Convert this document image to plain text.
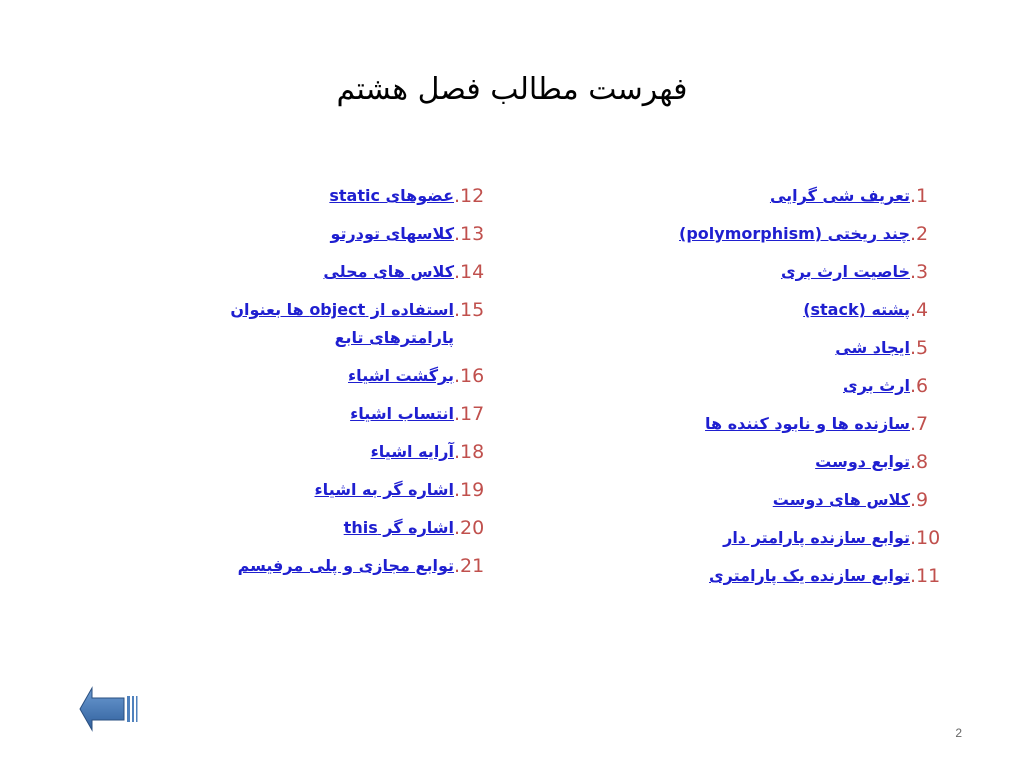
فهرست مطالب فصل هشتم
.1
تعریف شی گرایی
.2
چند ریختی (polymorphism)
.3
خاصیت ارث بری
.4
پشته (stack)
.5
ایجاد شی
.6
ارث بری
.7
سازنده ها و نابود کننده ها
.8
توابع دوست
.9
کلاس های دوست
.10
توابع سازنده پارامتر دار
.11
توابع سازنده یک پارامتری
.12
عضوهای static
.13
کلاسهای تودرتو
.14
کلاس های محلی
.15
استفاده از object ها بعنوان پارامترهای تابع
.16
برگشت اشیاء
.17
انتساب اشیاء
.18
آرایه اشیاء
.19
اشاره گر به اشیاء
.20
اشاره گر this
.21
توابع مجازی و پلی مرفیسم
2
